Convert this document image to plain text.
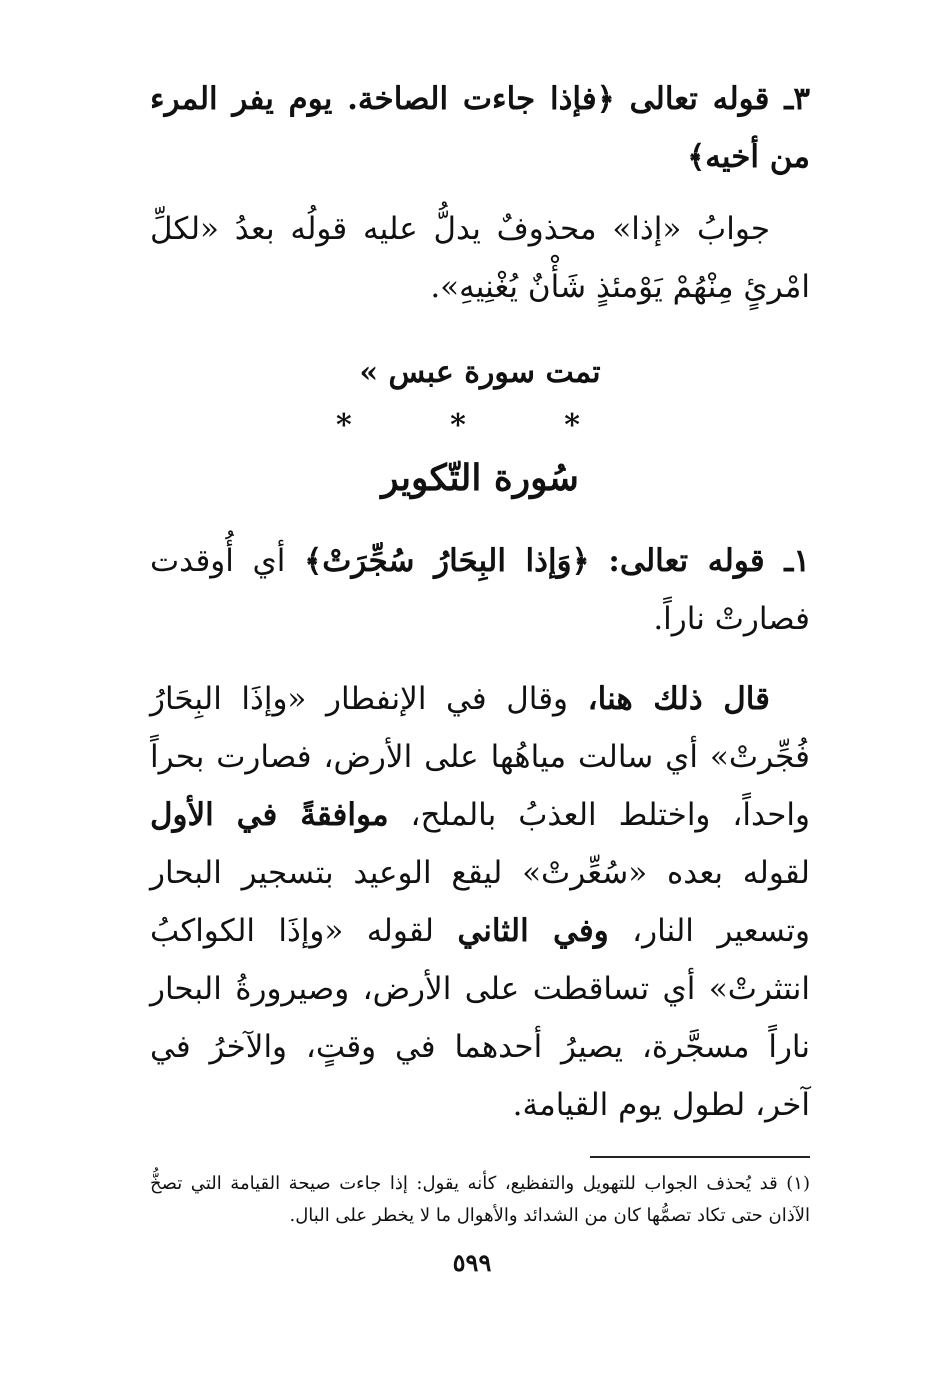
٣ـ قوله تعالى ﴿فإذا جاءت الصاخة. يوم يفر المرء من أخيه﴾

جوابُ «إذا» محذوفٌ يدلُّ عليه قولُه بعدُ «لكلِّ امْرئٍ مِنْهُمْ يَوْمئذٍ شَأْنٌ يُغْنِيهِ».

تمت سورة عبس »

* * *
سُورة التّكوير

١ـ قوله تعالى: ﴿وَإذا البِحَارُ سُجِّرَتْ﴾ أي أُوقدت فصارتْ ناراً.

قال ذلك هنا، وقال في الإنفطار «وإذَا البِحَارُ فُجِّرتْ» أي سالت مياهُها على الأرض، فصارت بحراً واحداً، واختلط العذبُ بالملح، موافقةً في الأول لقوله بعده «سُعِّرتْ» ليقع الوعيد بتسجير البحار وتسعير النار، وفي الثاني لقوله «وإذَا الكواكبُ انتثرتْ» أي تساقطت على الأرض، وصيرورةُ البحار ناراً مسجَّرة، يصيرُ أحدهما في وقتٍ، والآخرُ في آخر، لطول يوم القيامة.

(١) قد يُحذف الجواب للتهويل والتفظيع، كأنه يقول: إذا جاءت صيحة القيامة التي تصخُّ الآذان حتى تكاد تصمُّها كان من الشدائد والأهوال ما لا يخطر على البال.

٥٩٩
